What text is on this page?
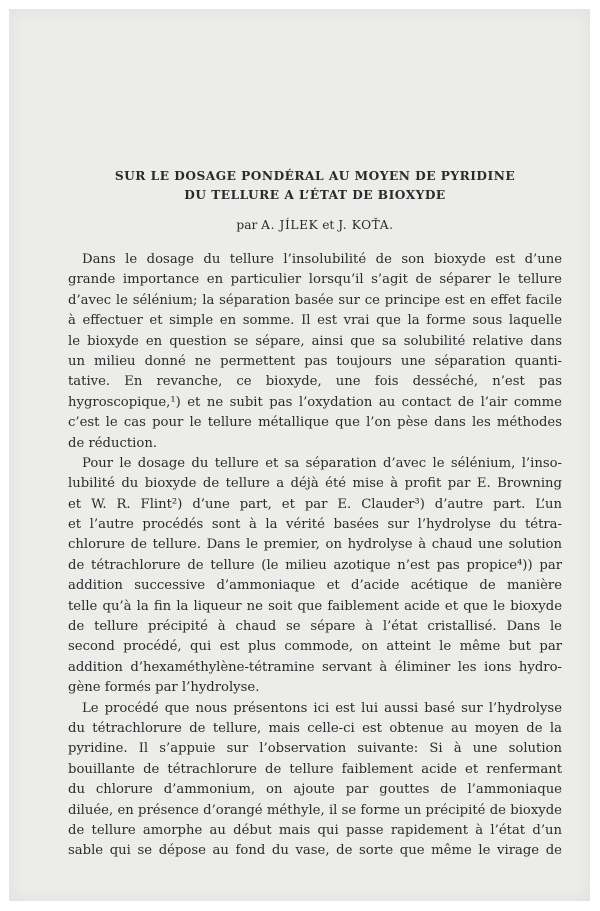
SUR LE DOSAGE PONDÉRAL AU MOYEN DE PYRIDINE
DU TELLURE A L’ÉTAT DE BIOXYDE
par A. JÍLEK et J. KOŤA.

Dans le dosage du tellure l’insolubilité de son bioxyde est d’une
grande importance en particulier lorsqu’il s’agit de séparer le tellure
d’avec le sélénium; la séparation basée sur ce principe est en effet facile
à effectuer et simple en somme. Il est vrai que la forme sous laquelle
le bioxyde en question se sépare, ainsi que sa solubilité relative dans
un milieu donné ne permettent pas toujours une séparation quanti-
tative. En revanche, ce bioxyde, une fois desséché, n’est pas
hygroscopique,¹) et ne subit pas l’oxydation au contact de l’air comme
c’est le cas pour le tellure métallique que l’on pèse dans les méthodes
de réduction.

Pour le dosage du tellure et sa séparation d’avec le sélénium, l’inso-
lubilité du bioxyde de tellure a déjà été mise à profit par E. Browning
et W. R. Flint²) d’une part, et par E. Clauder³) d’autre part. L’un
et l’autre procédés sont à la vérité basées sur l’hydrolyse du tétra-
chlorure de tellure. Dans le premier, on hydrolyse à chaud une solution
de tétrachlorure de tellure (le milieu azotique n’est pas propice⁴)) par
addition successive d’ammoniaque et d’acide acétique de manière
telle qu’à la fin la liqueur ne soit que faiblement acide et que le bioxyde
de tellure précipité à chaud se sépare à l’état cristallisé. Dans le
second procédé, qui est plus commode, on atteint le même but par
addition d’hexaméthylène-tétramine servant à éliminer les ions hydro-
gène formés par l’hydrolyse.

Le procédé que nous présentons ici est lui aussi basé sur l’hydrolyse
du tétrachlorure de tellure, mais celle-ci est obtenue au moyen de la
pyridine. Il s’appuie sur l’observation suivante: Si à une solution
bouillante de tétrachlorure de tellure faiblement acide et renfermant
du chlorure d’ammonium, on ajoute par gouttes de l’ammoniaque
diluée, en présence d’orangé méthyle, il se forme un précipité de bioxyde
de tellure amorphe au début mais qui passe rapidement à l’état d’un
sable qui se dépose au fond du vase, de sorte que même le virage de
